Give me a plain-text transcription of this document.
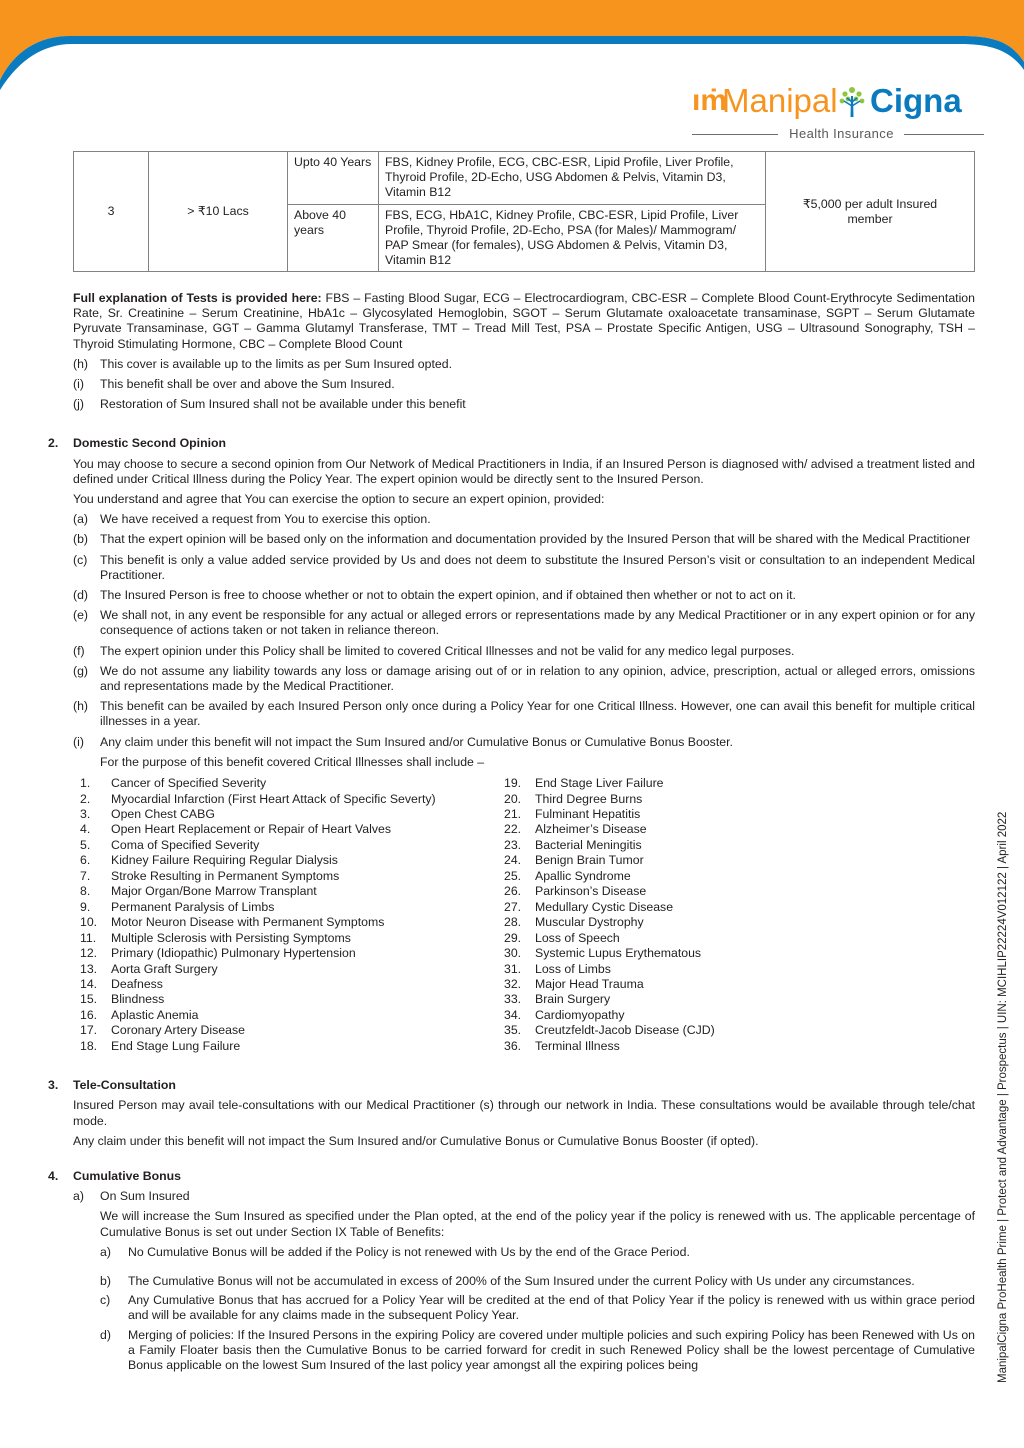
ıṁ
Manipal Cigna
Health Insurance
3	> ₹10 Lacs	Upto 40 Years	FBS, Kidney Profile, ECG, CBC-ESR, Lipid Profile, Liver Profile, Thyroid Profile, 2D-Echo, USG Abdomen & Pelvis, Vitamin D3, Vitamin B12	₹5,000 per adult Insured member
		Above 40 years	FBS, ECG, HbA1C, Kidney Profile, CBC-ESR, Lipid Profile, Liver Profile, Thyroid Profile, 2D-Echo, PSA (for Males)/ Mammogram/ PAP Smear (for females), USG Abdomen & Pelvis, Vitamin D3, Vitamin B12	

Full explanation of Tests is provided here: FBS – Fasting Blood Sugar, ECG – Electrocardiogram, CBC-ESR – Complete Blood Count-Erythrocyte Sedimentation Rate, Sr. Creatinine – Serum Creatinine, HbA1c – Glycosylated Hemoglobin, SGOT – Serum Glutamate oxaloacetate transaminase, SGPT – Serum Glutamate Pyruvate Transaminase, GGT – Gamma Glutamyl Transferase, TMT – Tread Mill Test, PSA – Prostate Specific Antigen, USG – Ultrasound Sonography, TSH – Thyroid Stimulating Hormone, CBC – Complete Blood Count

(h) This cover is available up to the limits as per Sum Insured opted.
(i) This benefit shall be over and above the Sum Insured.
(j) Restoration of Sum Insured shall not be available under this benefit
2. Domestic Second Opinion

You may choose to secure a second opinion from Our Network of Medical Practitioners in India, if an Insured Person is diagnosed with/ advised a treatment listed and defined under Critical Illness during the Policy Year. The expert opinion would be directly sent to the Insured Person.

You understand and agree that You can exercise the option to secure an expert opinion, provided:

(a) We have received a request from You to exercise this option.
(b) That the expert opinion will be based only on the information and documentation provided by the Insured Person that will be shared with the Medical Practitioner
(c) This benefit is only a value added service provided by Us and does not deem to substitute the Insured Person’s visit or consultation to an independent Medical Practitioner.
(d) The Insured Person is free to choose whether or not to obtain the expert opinion, and if obtained then whether or not to act on it.
(e) We shall not, in any event be responsible for any actual or alleged errors or representations made by any Medical Practitioner or in any expert opinion or for any consequence of actions taken or not taken in reliance thereon.
(f) The expert opinion under this Policy shall be limited to covered Critical Illnesses and not be valid for any medico legal purposes.
(g) We do not assume any liability towards any loss or damage arising out of or in relation to any opinion, advice, prescription, actual or alleged errors, omissions and representations made by the Medical Practitioner.
(h) This benefit can be availed by each Insured Person only once during a Policy Year for one Critical Illness. However, one can avail this benefit for multiple critical illnesses in a year.
(i) Any claim under this benefit will not impact the Sum Insured and/or Cumulative Bonus or Cumulative Bonus Booster.

For the purpose of this benefit covered Critical Illnesses shall include –

1. Cancer of Specified Severity
2. Myocardial Infarction (First Heart Attack of Specific Severty)
3. Open Chest CABG
4. Open Heart Replacement or Repair of Heart Valves
5. Coma of Specified Severity
6. Kidney Failure Requiring Regular Dialysis
7. Stroke Resulting in Permanent Symptoms
8. Major Organ/Bone Marrow Transplant
9. Permanent Paralysis of Limbs
10. Motor Neuron Disease with Permanent Symptoms
11. Multiple Sclerosis with Persisting Symptoms
12. Primary (Idiopathic) Pulmonary Hypertension
13. Aorta Graft Surgery
14. Deafness
15. Blindness
16. Aplastic Anemia
17. Coronary Artery Disease
18. End Stage Lung Failure
19. End Stage Liver Failure
20. Third Degree Burns
21. Fulminant Hepatitis
22. Alzheimer’s Disease
23. Bacterial Meningitis
24. Benign Brain Tumor
25. Apallic Syndrome
26. Parkinson’s Disease
27. Medullary Cystic Disease
28. Muscular Dystrophy
29. Loss of Speech
30. Systemic Lupus Erythematous
31. Loss of Limbs
32. Major Head Trauma
33. Brain Surgery
34. Cardiomyopathy
35. Creutzfeldt-Jacob Disease (CJD)
36. Terminal Illness
3. Tele-Consultation

Insured Person may avail tele-consultations with our Medical Practitioner (s) through our network in India. These consultations would be available through tele/chat mode.

Any claim under this benefit will not impact the Sum Insured and/or Cumulative Bonus or Cumulative Bonus Booster (if opted).

4. Cumulative Bonus
a) On Sum Insured

We will increase the Sum Insured as specified under the Plan opted, at the end of the policy year if the policy is renewed with us. The applicable percentage of Cumulative Bonus is set out under Section IX Table of Benefits:

a) No Cumulative Bonus will be added if the Policy is not renewed with Us by the end of the Grace Period.
b) The Cumulative Bonus will not be accumulated in excess of 200% of the Sum Insured under the current Policy with Us under any circumstances.
c) Any Cumulative Bonus that has accrued for a Policy Year will be credited at the end of that Policy Year if the policy is renewed with us within grace period and will be available for any claims made in the subsequent Policy Year.
d) Merging of policies: If the Insured Persons in the expiring Policy are covered under multiple policies and such expiring Policy has been Renewed with Us on a Family Floater basis then the Cumulative Bonus to be carried forward for credit in such Renewed Policy shall be the lowest percentage of Cumulative Bonus applicable on the lowest Sum Insured of the last policy year amongst all the expiring polices being	ManipalCigna ProHealth Prime | Protect and Advantage | Prospectus | UIN: MCIHLIP22224V012122 | April 2022
